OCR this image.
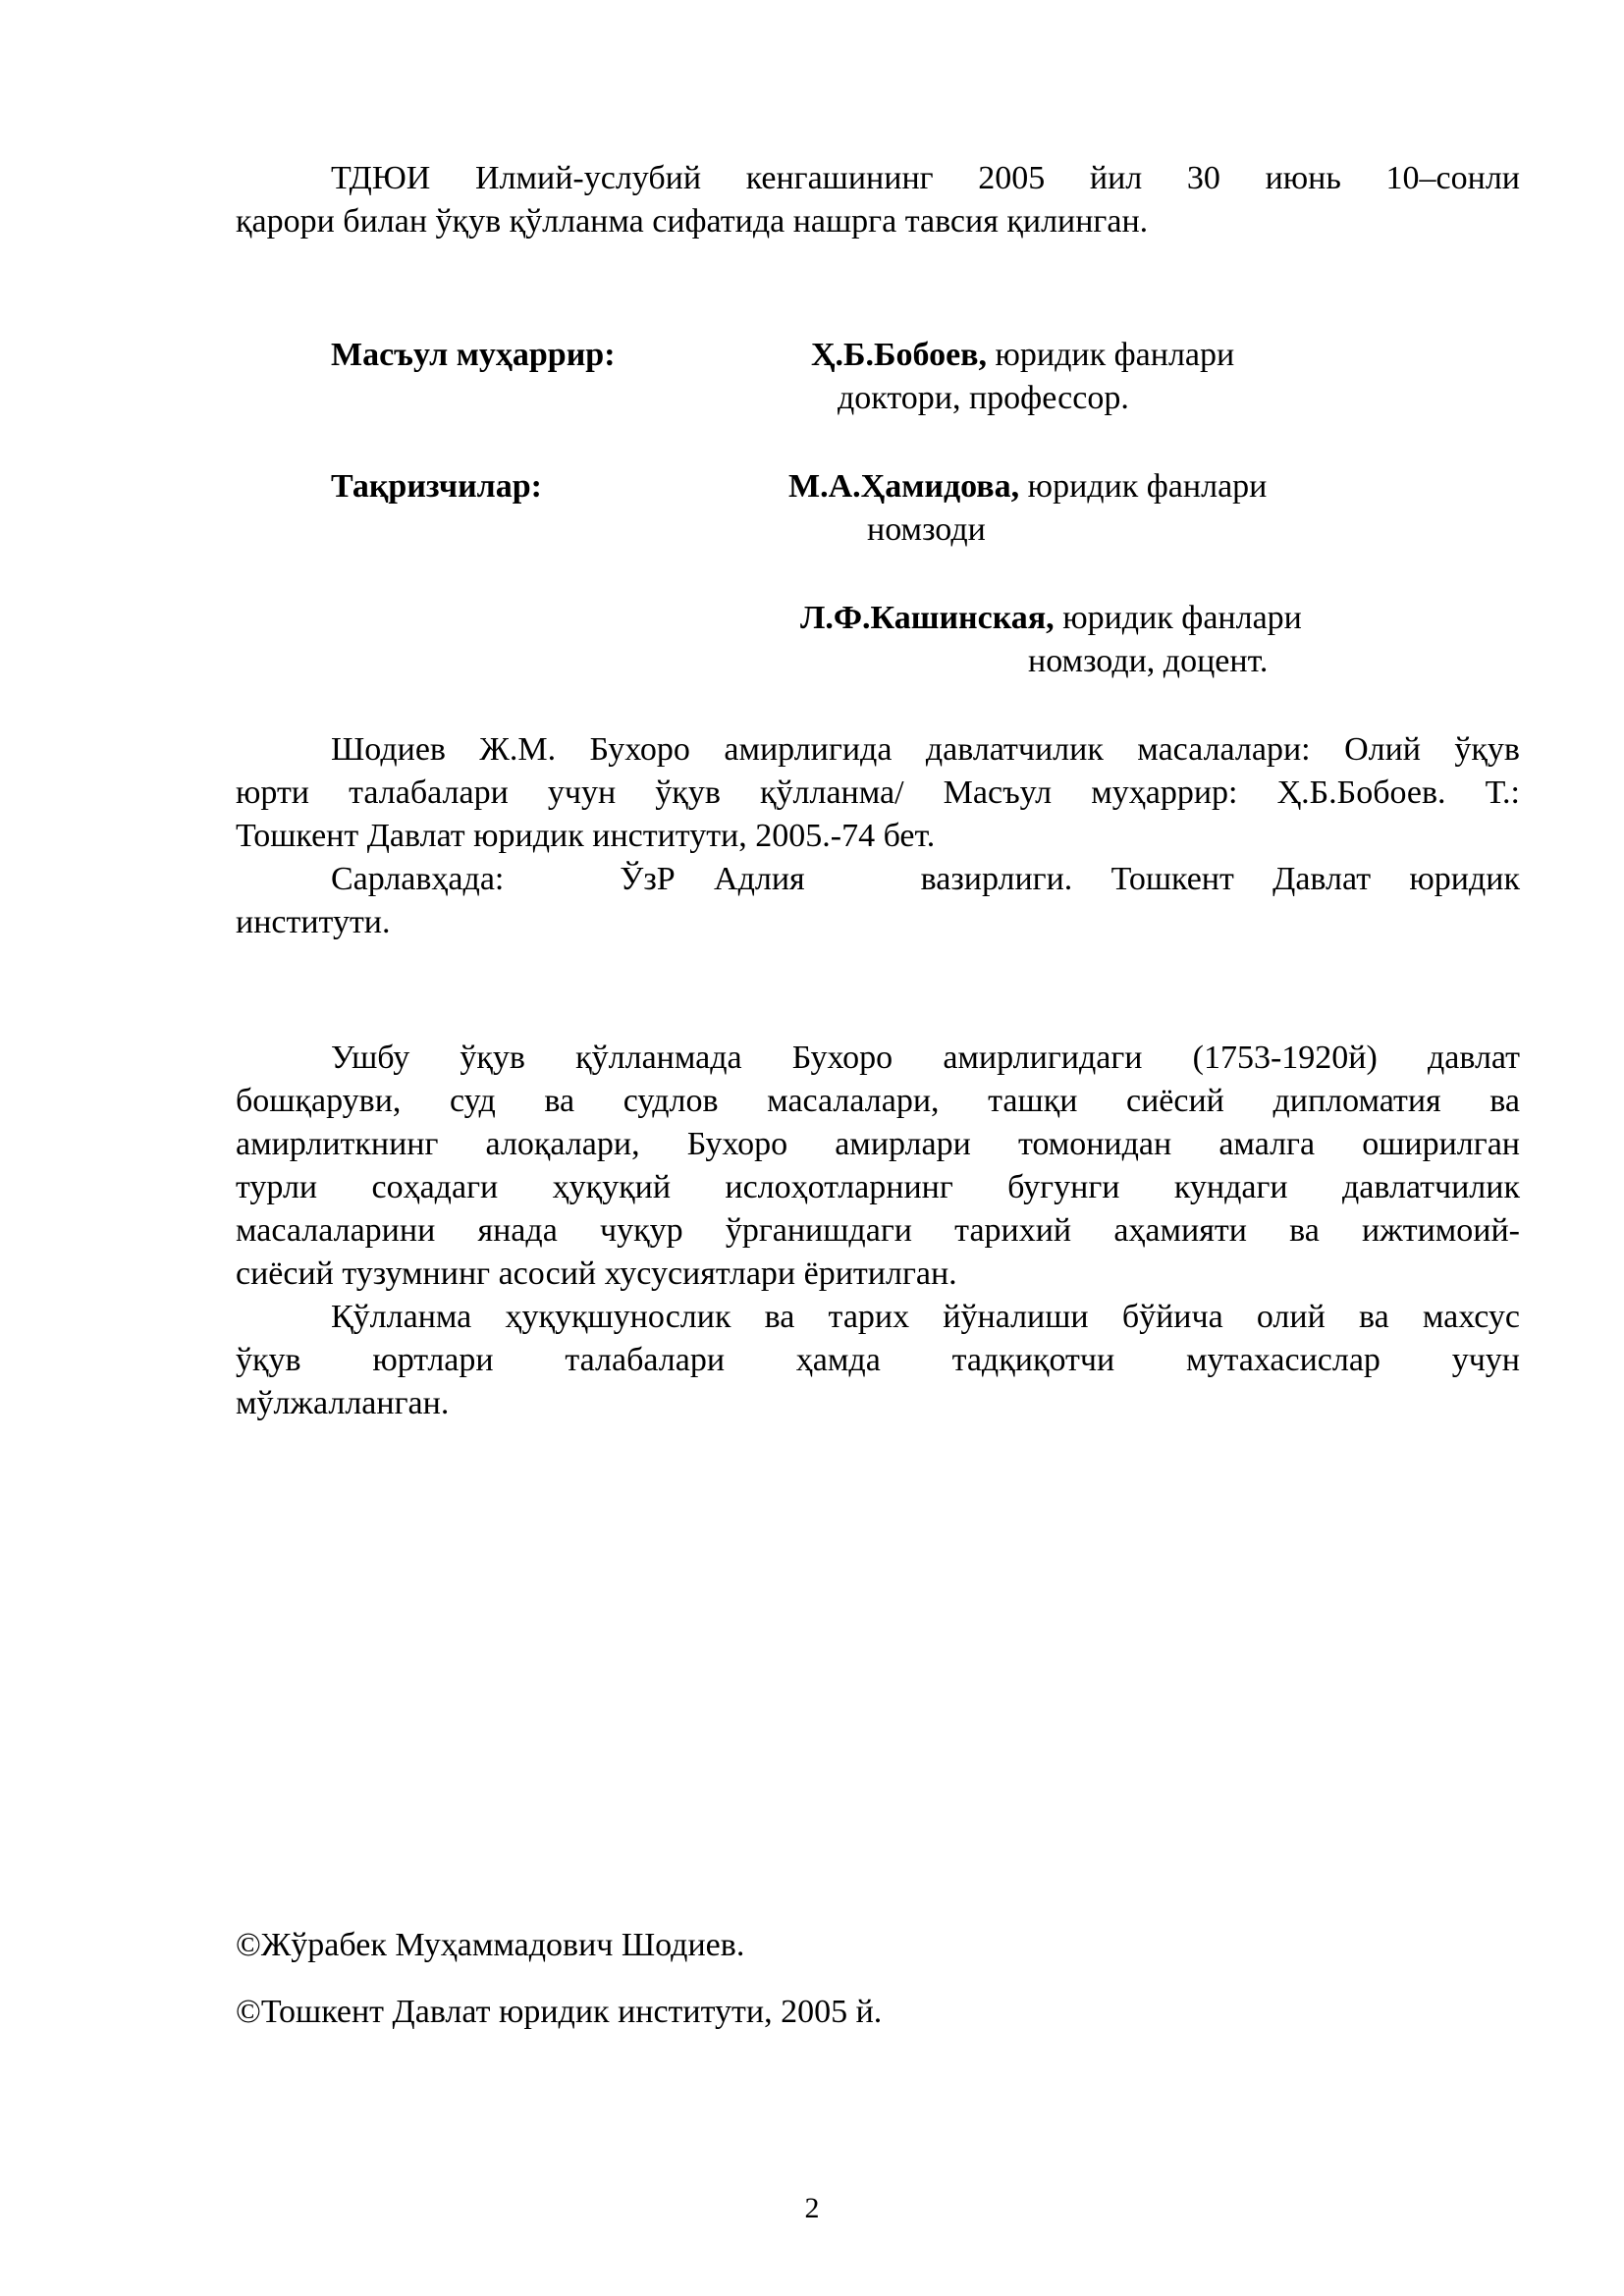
ТДЮИ Илмий-услубий кенгашининг 2005 йил 30 июнь 10–сонли
қарори билан ўқув қўлланма сифатида нашрга тавсия қилинган.
Масъул муҳаррир:	Ҳ.Б.Бобоев, юридик фанлари
доктори, профессор.
Тақризчилар:	М.А.Ҳамидова, юридик фанлари
номзоди
Л.Ф.Кашинская, юридик фанлари
номзоди, доцент.
Шодиев Ж.М. Бухоро амирлигида давлатчилик масалалари: Олий ўқув
юрти талабалари учун ўқув қўлланма/ Масъул муҳаррир: Ҳ.Б.Бобоев. Т.:
Тошкент Давлат юридик институти, 2005.-74 бет.
Сарлавҳада:   ЎзР Адлия   вазирлиги. Тошкент Давлат юридик
институти.
Ушбу ўқув қўлланмада Бухоро амирлигидаги (1753-1920й) давлат
бошқаруви, суд ва судлов масалалари, ташқи сиёсий дипломатия ва
амирлиткнинг алоқалари, Бухоро амирлари томонидан амалга оширилган
турли соҳадаги ҳуқуқий ислоҳотларнинг бугунги кундаги давлатчилик
масалаларини янада чуқур ўрганишдаги тарихий аҳамияти ва ижтимоий-
сиёсий тузумнинг асосий хусусиятлари ёритилган.
Қўлланма ҳуқуқшунослик ва тарих йўналиши бўйича олий ва махсус
ўқув юртлари талабалари ҳамда тадқиқотчи мутахасислар учун
мўлжалланган.
©Жўрабек Муҳаммадович Шодиев.
©Тошкент Давлат юридик институти, 2005 й.
2
